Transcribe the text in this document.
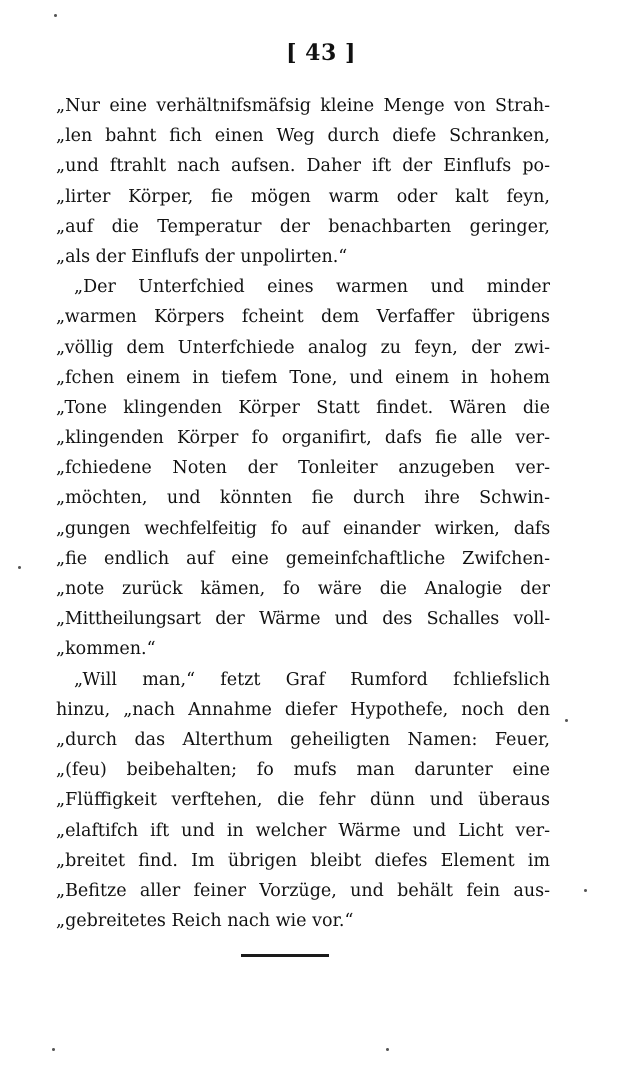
[ 43 ]
„Nur eine verhältnifsmäfsig kleine Menge von Strah-
„len bahnt fich einen Weg durch diefe Schranken,
„und ftrahlt nach aufsen. Daher ift der Einflufs po-
„lirter Körper, fie mögen warm oder kalt feyn,
„auf die Temperatur der benachbarten geringer,
„als der Einflufs der unpolirten.“
„Der Unterfchied eines warmen und minder
„warmen Körpers fcheint dem Verfaffer übrigens
„völlig dem Unterfchiede analog zu feyn, der zwi-
„fchen einem in tiefem Tone, und einem in hohem
„Tone klingenden Körper Statt findet. Wären die
„klingenden Körper fo organifirt, dafs fie alle ver-
„fchiedene Noten der Tonleiter anzugeben ver-
„möchten, und könnten fie durch ihre Schwin-
„gungen wechfelfeitig fo auf einander wirken, dafs
„fie endlich auf eine gemeinfchaftliche Zwifchen-
„note zurück kämen, fo wäre die Analogie der
„Mittheilungsart der Wärme und des Schalles voll-
„kommen.“
„Will man,“ fetzt Graf Rumford fchliefslich
hinzu, „nach Annahme diefer Hypothefe, noch den
„durch das Alterthum geheiligten Namen: Feuer,
„(feu) beibehalten; fo mufs man darunter eine
„Flüffigkeit verftehen, die fehr dünn und überaus
„elaftifch ift und in welcher Wärme und Licht ver-
„breitet find. Im übrigen bleibt diefes Element im
„Befitze aller feiner Vorzüge, und behält fein aus-
„gebreitetes Reich nach wie vor.“
